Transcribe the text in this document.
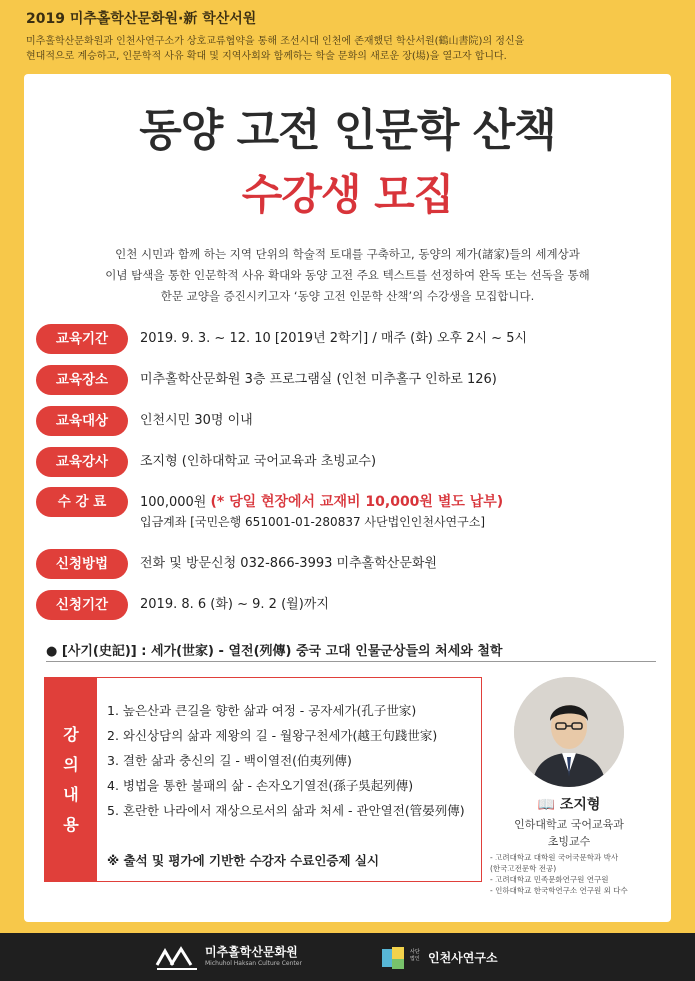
2019 미추홀학산문화원·新 학산서원
미추홀학산문화원과 인천사연구소가 상호교류협약을 통해 조선시대 인천에 존재했던 학산서원(鶴山書院)의 정신을
현대적으로 계승하고, 인문학적 사유 확대 및 지역사회와 함께하는 학술 문화의 새로운 장(場)을 열고자 합니다.
동양 고전 인문학 산책
수강생 모집
인천 시민과 함께 하는 지역 단위의 학술적 토대를 구축하고, 동양의 제가(諸家)들의 세계상과
이념 탐색을 통한 인문학적 사유 확대와 동양 고전 주요 텍스트를 선정하여 완독 또는 선독을 통해
한문 교양을 증진시키고자 ‘동양 고전 인문학 산책’의 수강생을 모집합니다.
교육기간	2019. 9. 3. ~ 12. 10 [2019년 2학기] / 매주 (화) 오후 2시 ~ 5시
교육장소	미추홀학산문화원 3층 프로그램실 (인천 미추홀구 인하로 126)
교육대상	인천시민 30명 이내
교육강사	조지형 (인하대학교 국어교육과 초빙교수)
수 강 료	100,000원 (* 당일 현장에서 교재비 10,000원 별도 납부)
입금계좌 [국민은행 651001-01-280837 사단법인인천사연구소]
신청방법	전화 및 방문신청 032-866-3993 미추홀학산문화원
신청기간	2019. 8. 6 (화) ~ 9. 2 (월)까지
● [사기(史記)] : 세가(世家) - 열전(列傳) 중국 고대 인물군상들의 처세와 철학
강
의
내
용
1. 높은산과 큰길을 향한 삶과 여정 - 공자세가(孔子世家)
2. 와신상담의 삶과 제왕의 길 - 월왕구천세가(越王句踐世家)
3. 결한 삶과 충신의 길 - 백이열전(伯夷列傳)
4. 병법을 통한 불패의 삶 - 손자오기열전(孫子吳起列傳)
5. 혼란한 나라에서 재상으로서의 삶과 처세 - 관안열전(管晏列傳)
※ 출석 및 평가에 기반한 수강자 수료인증제 실시
📖 조지형
인하대학교 국어교육과
초빙교수
- 고려대학교 대학원 국어국문학과 박사
(한국고전문학 전공)
- 고려대학교 민족문화연구원 연구원
- 인하대학교 한국학연구소 연구원 외 다수
미추홀학산문화원
Michuhol Haksan Culture Center
사단 법인 인천사연구소
